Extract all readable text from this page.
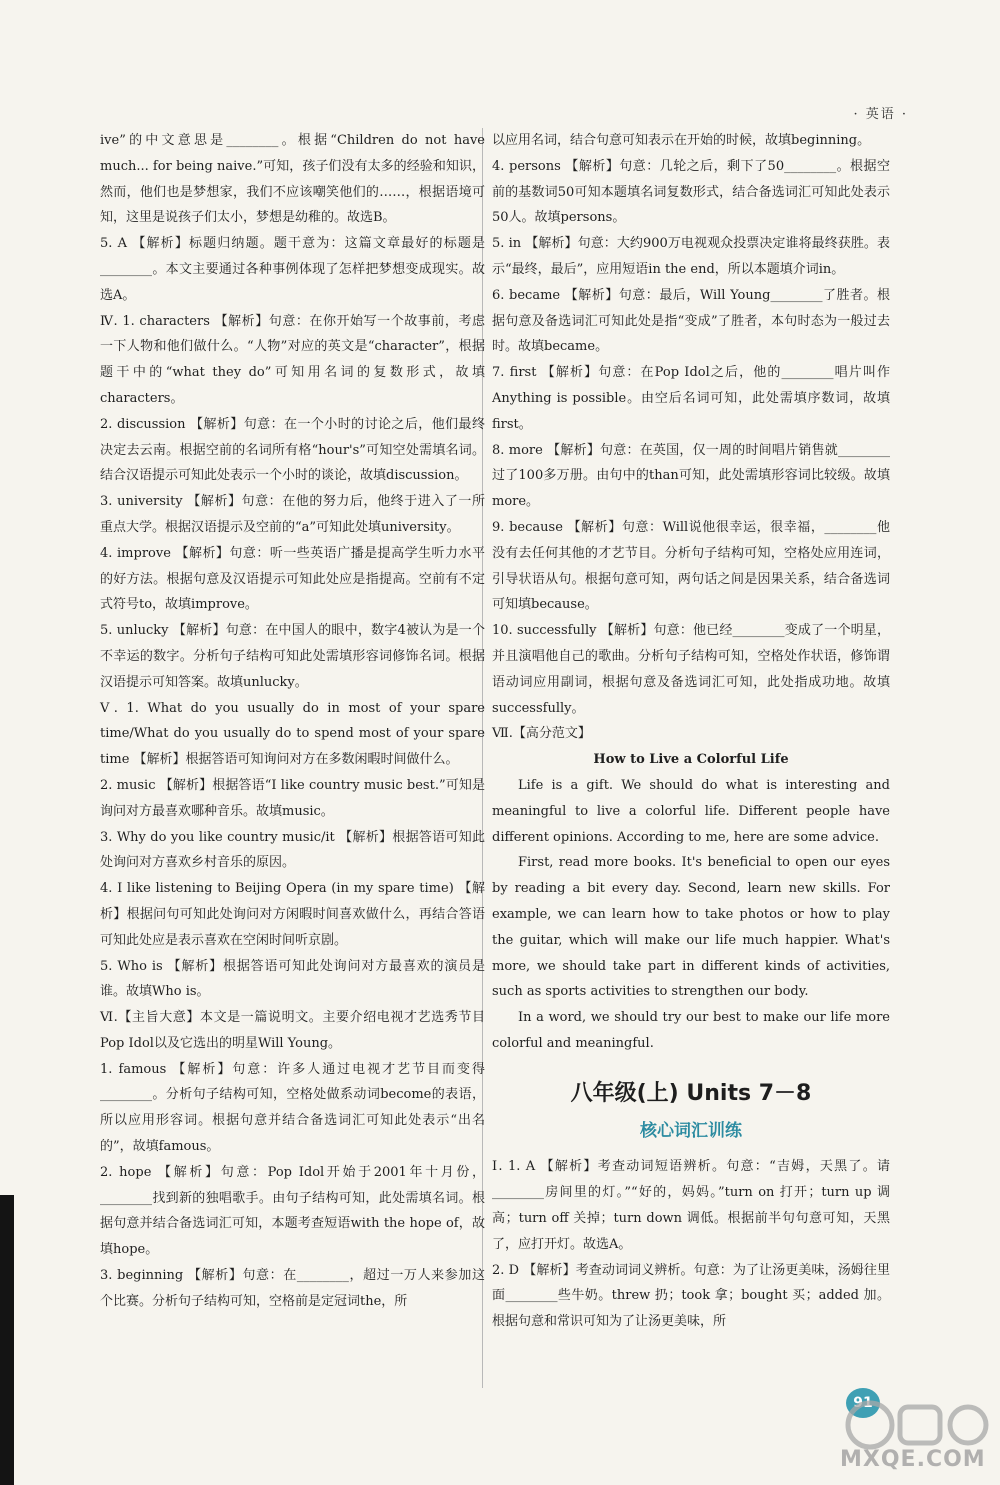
· 英语 ·

ive”的中文意思是________。根据“Children do not have much... for being naive.”可知，孩子们没有太多的经验和知识，然而，他们也是梦想家，我们不应该嘲笑他们的……，根据语境可知，这里是说孩子们太小，梦想是幼稚的。故选B。

5. A 【解析】标题归纳题。题干意为：这篇文章最好的标题是________。本文主要通过各种事例体现了怎样把梦想变成现实。故选A。

Ⅳ. 1. characters 【解析】句意：在你开始写一个故事前，考虑一下人物和他们做什么。“人物”对应的英文是“character”，根据题干中的“what they do”可知用名词的复数形式，故填characters。

2. discussion 【解析】句意：在一个小时的讨论之后，他们最终决定去云南。根据空前的名词所有格“hour's”可知空处需填名词。结合汉语提示可知此处表示一个小时的谈论，故填discussion。

3. university 【解析】句意：在他的努力后，他终于进入了一所重点大学。根据汉语提示及空前的“a”可知此处填university。

4. improve 【解析】句意：听一些英语广播是提高学生听力水平的好方法。根据句意及汉语提示可知此处应是指提高。空前有不定式符号to，故填improve。

5. unlucky 【解析】句意：在中国人的眼中，数字4被认为是一个不幸运的数字。分析句子结构可知此处需填形容词修饰名词。根据汉语提示可知答案。故填unlucky。

Ⅴ. 1. What do you usually do in most of your spare time/What do you usually do to spend most of your spare time 【解析】根据答语可知询问对方在多数闲暇时间做什么。

2. music 【解析】根据答语“I like country music best.”可知是询问对方最喜欢哪种音乐。故填music。

3. Why do you like country music/it 【解析】根据答语可知此处询问对方喜欢乡村音乐的原因。

4. I like listening to Beijing Opera (in my spare time) 【解析】根据问句可知此处询问对方闲暇时间喜欢做什么，再结合答语可知此处应是表示喜欢在空闲时间听京剧。

5. Who is 【解析】根据答语可知此处询问对方最喜欢的演员是谁。故填Who is。

Ⅵ.【主旨大意】本文是一篇说明文。主要介绍电视才艺选秀节目Pop Idol以及它选出的明星Will Young。

1. famous 【解析】句意：许多人通过电视才艺节目而变得________。分析句子结构可知，空格处做系动词become的表语，所以应用形容词。根据句意并结合备选词汇可知此处表示“出名的”，故填famous。

2. hope 【解析】句意：Pop Idol开始于2001年十月份，________找到新的独唱歌手。由句子结构可知，此处需填名词。根据句意并结合备选词汇可知，本题考查短语with the hope of，故填hope。

3. beginning 【解析】句意：在________，超过一万人来参加这个比赛。分析句子结构可知，空格前是定冠词the，所

以应用名词，结合句意可知表示在开始的时候，故填beginning。

4. persons 【解析】句意：几轮之后，剩下了50________。根据空前的基数词50可知本题填名词复数形式，结合备选词汇可知此处表示50人。故填persons。

5. in 【解析】句意：大约900万电视观众投票决定谁将最终获胜。表示“最终，最后”，应用短语in the end，所以本题填介词in。

6. became 【解析】句意：最后，Will Young________了胜者。根据句意及备选词汇可知此处是指“变成”了胜者，本句时态为一般过去时。故填became。

7. first 【解析】句意：在Pop Idol之后，他的________唱片叫作Anything is possible。由空后名词可知，此处需填序数词，故填first。

8. more 【解析】句意：在英国，仅一周的时间唱片销售就________过了100多万册。由句中的than可知，此处需填形容词比较级。故填more。

9. because 【解析】句意：Will说他很幸运，很幸福，________他没有去任何其他的才艺节目。分析句子结构可知，空格处应用连词，引导状语从句。根据句意可知，两句话之间是因果关系，结合备选词可知填because。

10. successfully 【解析】句意：他已经________变成了一个明星，并且演唱他自己的歌曲。分析句子结构可知，空格处作状语，修饰谓语动词应用副词，根据句意及备选词汇可知，此处指成功地。故填successfully。

Ⅶ.【高分范文】

How to Live a Colorful Life

Life is a gift. We should do what is interesting and meaningful to live a colorful life. Different people have different opinions. According to me, here are some advice.

First, read more books. It's beneficial to open our eyes by reading a bit every day. Second, learn new skills. For example, we can learn how to take photos or how to play the guitar, which will make our life much happier. What's more, we should take part in different kinds of activities, such as sports activities to strengthen our body.

In a word, we should try our best to make our life more colorful and meaningful.

八年级(上) Units 7－8
核心词汇训练

Ⅰ. 1. A 【解析】考查动词短语辨析。句意：“吉姆，天黑了。请________房间里的灯。”“好的，妈妈。”turn on 打开；turn up 调高；turn off 关掉；turn down 调低。根据前半句句意可知，天黑了，应打开灯。故选A。

2. D 【解析】考查动词词义辨析。句意：为了让汤更美味，汤姆往里面________些牛奶。threw 扔；took 拿；bought 买；added 加。根据句意和常识可知为了让汤更美味，所

91
MXQE.COM
